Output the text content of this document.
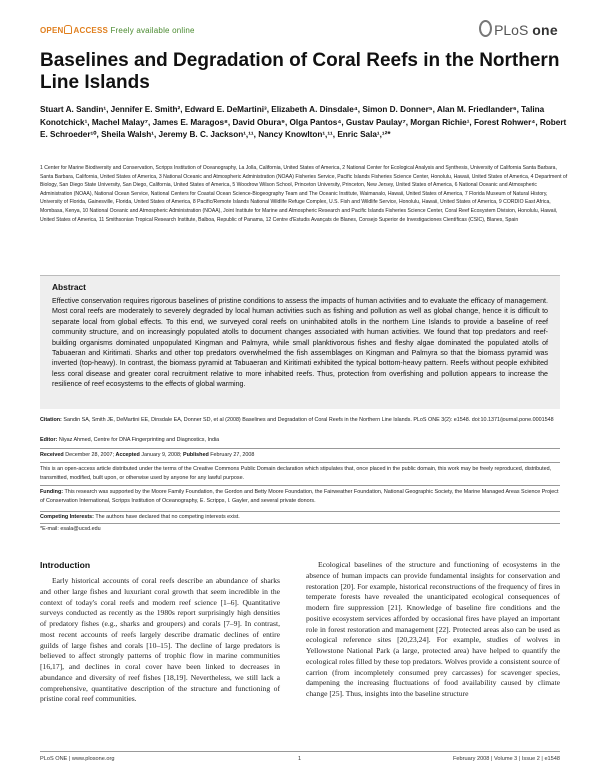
OPEN ACCESS Freely available online	PLoS one
Baselines and Degradation of Coral Reefs in the Northern Line Islands
Stuart A. Sandin¹, Jennifer E. Smith², Edward E. DeMartini³, Elizabeth A. Dinsdale⁴, Simon D. Donner⁵, Alan M. Friedlander⁶, Talina Konotchick¹, Machel Malay⁷, James E. Maragos⁸, David Obura⁹, Olga Pantos⁴, Gustav Paulay⁷, Morgan Richie¹, Forest Rohwer⁴, Robert E. Schroeder¹⁰, Sheila Walsh¹, Jeremy B. C. Jackson¹,¹¹, Nancy Knowlton¹,¹¹, Enric Sala¹,¹²*
1 Center for Marine Biodiversity and Conservation, Scripps Institution of Oceanography, La Jolla, California, United States of America, 2 National Center for Ecological Analysis and Synthesis, University of California Santa Barbara, Santa Barbara, California, United States of America, 3 National Oceanic and Atmospheric Administration (NOAA) Fisheries Service, Pacific Islands Fisheries Science Center, Honolulu, Hawaii, United States of America, 4 Department of Biology, San Diego State University, San Diego, California, United States of America, 5 Woodrow Wilson School, Princeton University, Princeton, New Jersey, United States of America, 6 National Oceanic and Atmospheric Administration (NOAA), National Ocean Service, National Centers for Coastal Ocean Science-Biogeography Team and The Oceanic Institute, Waimanalo, Hawaii, United States of America, 7 Florida Museum of Natural History, University of Florida, Gainesville, Florida, United States of America, 8 Pacific/Remote Islands National Wildlife Refuge Complex, U.S. Fish and Wildlife Service, Honolulu, Hawaii, United States of America, 9 CORDIO East Africa, Mombasa, Kenya, 10 National Oceanic and Atmospheric Administration (NOAA), Joint Institute for Marine and Atmospheric Research and Pacific Islands Fisheries Science Center, Coral Reef Ecosystem Division, Honolulu, Hawaii, United States of America, 11 Smithsonian Tropical Research Institute, Balboa, Republic of Panama, 12 Centre d'Estudis Avançats de Blanes, Consejo Superior de Investigaciones Científicas (CSIC), Blanes, Spain
Abstract
Effective conservation requires rigorous baselines of pristine conditions to assess the impacts of human activities and to evaluate the efficacy of management. Most coral reefs are moderately to severely degraded by local human activities such as fishing and pollution as well as global change, hence it is difficult to separate local from global effects. To this end, we surveyed coral reefs on uninhabited atolls in the northern Line Islands to provide a baseline of reef community structure, and on increasingly populated atolls to document changes associated with human activities. We found that top predators and reef-building organisms dominated unpopulated Kingman and Palmyra, while small planktivorous fishes and fleshy algae dominated the populated atolls of Tabuaeran and Kiritimati. Sharks and other top predators overwhelmed the fish assemblages on Kingman and Palmyra so that the biomass pyramid was inverted (top-heavy). In contrast, the biomass pyramid at Tabuaeran and Kiritimati exhibited the typical bottom-heavy pattern. Reefs without people exhibited less coral disease and greater coral recruitment relative to more inhabited reefs. Thus, protection from overfishing and pollution appears to increase the resilience of reef ecosystems to the effects of global warming.
Citation: Sandin SA, Smith JE, DeMartini EE, Dinsdale EA, Donner SD, et al (2008) Baselines and Degradation of Coral Reefs in the Northern Line Islands. PLoS ONE 3(2): e1548. doi:10.1371/journal.pone.0001548
Editor: Niyaz Ahmed, Centre for DNA Fingerprinting and Diagnostics, India
Received December 28, 2007; Accepted January 9, 2008; Published February 27, 2008
This is an open-access article distributed under the terms of the Creative Commons Public Domain declaration which stipulates that, once placed in the public domain, this work may be freely reproduced, distributed, transmitted, modified, built upon, or otherwise used by anyone for any lawful purpose.
Funding: This research was supported by the Moore Family Foundation, the Gordon and Betty Moore Foundation, the Fairweather Foundation, National Geographic Society, the Marine Managed Areas Science Project of Conservation International, Scripps Institution of Oceanography, E. Scripps, I. Gayler, and several private donors.
Competing Interests: The authors have declared that no competing interests exist.
*E-mail: esala@ucsd.edu
Introduction

Early historical accounts of coral reefs describe an abundance of sharks and other large fishes and luxuriant coral growth that seem incredible in the context of today's coral reefs and modern reef science [1–6]. Quantitative surveys conducted as recently as the 1980s report surprisingly high densities of predatory fishes (e.g., sharks and groupers) and corals [7–9]. In contrast, most recent accounts of reefs largely describe dramatic declines of entire guilds of large fishes and corals [10–15]. The decline of large predators is believed to affect strongly patterns of trophic flow in marine communities [16,17], and declines in coral cover have been linked to decreases in abundance and diversity of reef fishes [18,19]. Nevertheless, we still lack a comprehensive, quantitative description of the structure and functioning of pristine coral reef communities.

Ecological baselines of the structure and functioning of ecosystems in the absence of human impacts can provide fundamental insights for conservation and restoration [20]. For example, historical reconstructions of the frequency of fires in temperate forests have revealed the unanticipated ecological consequences of modern fire suppression [21]. Knowledge of baseline fire conditions and the positive ecosystem services afforded by occasional fires have played an important role in forest restoration and management [22]. Protected areas also can be used as ecological reference sites [20,23,24]. For example, studies of wolves in Yellowstone National Park (a large, protected area) have helped to quantify the ecological roles filled by these top predators. Wolves provide a consistent source of carrion (from incompletely consumed prey carcasses) for scavenger species, dampening the increasing fluctuations of food availability caused by climate change [25]. Thus, insights into the baseline structure

PLoS ONE | www.plosone.org	1	February 2008 | Volume 3 | Issue 2 | e1548
